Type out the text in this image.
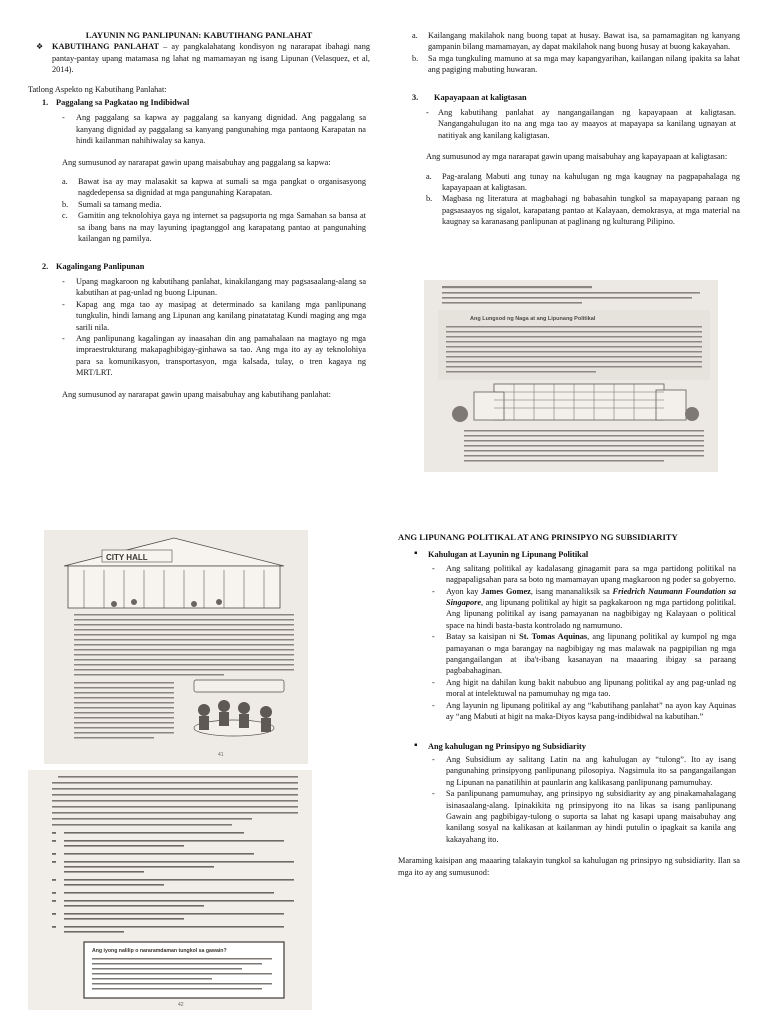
LAYUNIN NG PANLIPUNAN: KABUTIHANG PANLAHAT

❖ KABUTIHANG PANLAHAT – ay pangkalahatang kondisyon ng nararapat ibahagi nang pantay-pantay upang matamasa ng lahat ng mamamayan ng isang Lipunan (Velasquez, et al, 2014).

Tatlong Aspekto ng Kabutihang Panlahat:

1. Paggalang sa Pagkatao ng Indibidwal
- Ang paggalang sa kapwa ay paggalang sa kanyang dignidad. Ang paggalang sa kanyang dignidad ay paggalang sa kanyang pangunahing mga pantaong Karapatan na hindi kailanman nahihiwalay sa kanya.

Ang sumusunod ay nararapat gawin upang maisabuhay ang paggalang sa kapwa:

a. Bawat isa ay may malasakit sa kapwa at sumali sa mga pangkat o organisasyong nagdedepensa sa dignidad at mga pangunahing Karapatan.
b. Sumali sa tamang media.
c. Gamitin ang teknolohiya gaya ng internet sa pagsuporta ng mga Samahan sa bansa at sa ibang bans na may layuning ipagtanggol ang karapatang pantao at pangunahing kailangan ng pamilya.
2. Kagalingang Panlipunan
- Upang magkaroon ng kabutihang panlahat, kinakilangang may pagsasaalang-alang sa kabutihan at pag-unlad ng buong Lipunan.
- Kapag ang mga tao ay masipag at determinado sa kanilang mga panlipunang tungkulin, hindi lamang ang Lipunan ang kanilang pinatatatag Kundi maging ang mga sarili nila.
- Ang panlipunang kagalingan ay inaasahan din ang pamahalaan na magtayo ng mga impraestrukturang makapagbibigay-ginhawa sa tao. Ang mga ito ay ay teknolohiya para sa komunikasyon, transportasyon, mga kalsada, tulay, o tren kagaya ng MRT/LRT.

Ang sumusunod ay nararapat gawin upang maisabuhay ang kabutihang panlahat:

a. Kailangang makilahok nang buong tapat at husay. Bawat isa, sa pamamagitan ng kanyang gampanin bilang mamamayan, ay dapat makilahok nang buong husay at buong kakayahan.
b. Sa mga tungkuling mamuno at sa mga may kapangyarihan, kailangan nilang ipakita sa lahat ang pagiging mabuting huwaran.
3. Kapayapaan at kaligtasan
- Ang kabutihang panlahat ay nangangailangan ng kapayapaan at kaligtasan. Nangangahulugan ito na ang mga tao ay maayos at mapayapa sa kanilang ugnayan at natitiyak ang kanilang kaligtasan.

Ang sumusunod ay mga nararapat gawin upang maisabuhay ang kapayapaan at kaligtasan:

a. Pag-aralang Mabuti ang tunay na kahulugan ng mga kaugnay na pagpapahalaga ng kapayapaan at kaligtasan.
b. Magbasa ng literatura at magbahagi ng babasahin tungkol sa mapayapang paraan ng pagsasaayos ng sigalot, karapatang pantao at Kalayaan, demokrasya, at mga material na kaugnay sa karanasang panlipunan at paglinang ng kulturang Pilipino.
Ang Lungsod ng Naga at ang Lipunang Politikal
CITY HALL
41
Ang iyong nalilip o nararamdaman tungkol sa gawain?
42

ANG LIPUNANG POLITIKAL AT ANG PRINSIPYO NG SUBSIDIARITY

▪ Kahulugan at Layunin ng Lipunang Politikal
- Ang salitang politikal ay kadalasang ginagamit para sa mga partidong politikal na nagpapaligsahan para sa boto ng mamamayan upang magkaroon ng poder sa gobyerno.
- Ayon kay James Gomez, isang mananaliksik sa Friedrich Naumann Foundation sa Singapore, ang lipunang politikal ay higit sa pagkakaroon ng mga partidong politikal. Ang lipunang politikal ay isang pamayanan na nagbibigay ng Kalayaan o political space na hindi basta-basta kontrolado ng namumuno.
- Batay sa kaisipan ni St. Tomas Aquinas, ang lipunang politikal ay kumpol ng mga pamayanan o mga barangay na nagbibigay ng mas malawak na pagpipilian ng mga pangangailangan at iba't-ibang kasanayan na maaaring ibigay sa paraang pagbabahaginan.
- Ang higit na dahilan kung bakit nabubuo ang lipunang politikal ay ang pag-unlad ng moral at intelektuwal na pamumuhay ng mga tao.
- Ang layunin ng lipunang politikal ay ang “kabutihang panlahat” na ayon kay Aquinas ay “ang Mabuti at higit na maka-Diyos kaysa pang-indibidwal na kabutihan.”
▪ Ang kahulugan ng Prinsipyo ng Subsidiarity
- Ang Subsidium ay salitang Latin na ang kahulugan ay “tulong”. Ito ay isang pangunahing prinsipyong panlipunang pilosopiya. Nagsimula ito sa pangangailangan ng Lipunan na panatilihin at paunlarin ang kalikasang panlipunang pamumuhay.
- Sa panlipunang pamumuhay, ang prinsipyo ng subsidiarity ay ang pinakamahalagang isinasaalang-alang. Ipinakikita ng prinsipyong ito na likas sa isang panlipunang Gawain ang pagbibigay-tulong o suporta sa lahat ng kasapi upang maisabuhay ang kanilang sosyal na kalikasan at kailanman ay hindi putulin o ipagkait sa kanila ang kakayahang ito.

Maraming kaisipan ang maaaring talakayin tungkol sa kahulugan ng prinsipyo ng subsidiarity. Ilan sa mga ito ay ang sumusunod:
